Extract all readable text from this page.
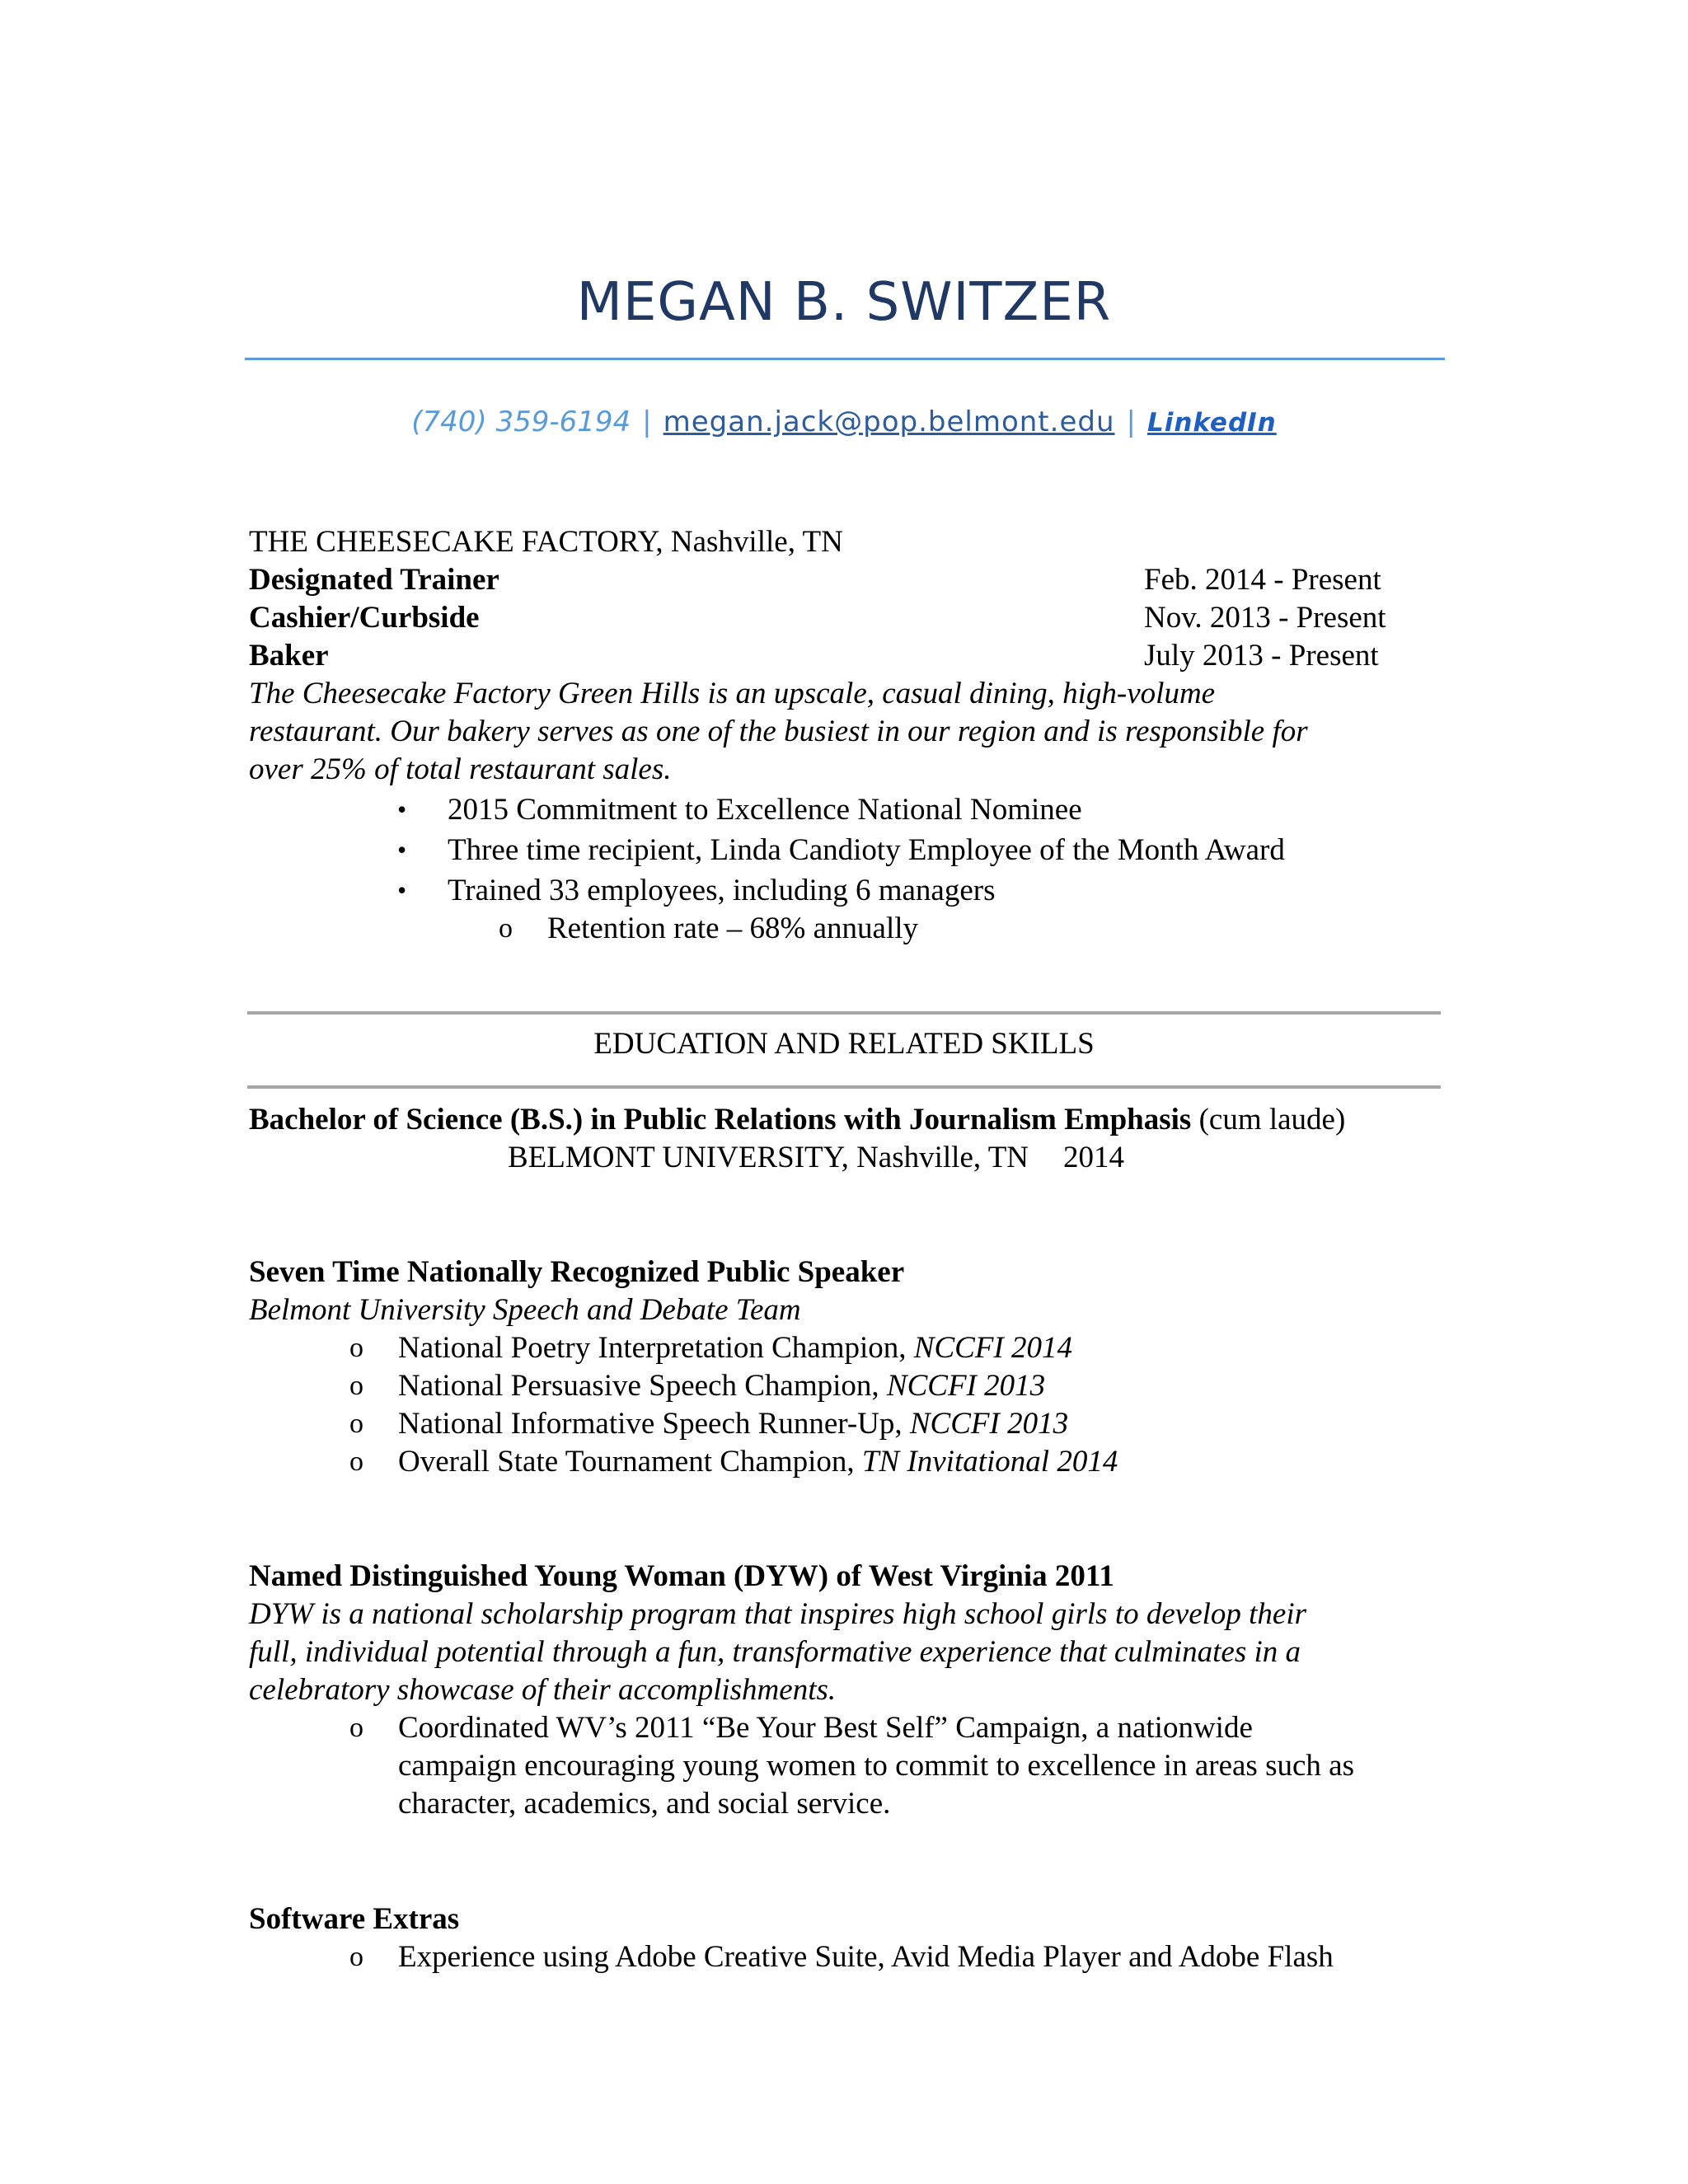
MEGAN B. SWITZER
(740) 359-6194 | megan.jack@pop.belmont.edu | LinkedIn
THE CHEESECAKE FACTORY, Nashville, TN
Designated Trainer	Feb. 2014 - Present
Cashier/Curbside	Nov. 2013 - Present
Baker	July 2013 - Present
The Cheesecake Factory Green Hills is an upscale, casual dining, high-volume
restaurant. Our bakery serves as one of the busiest in our region and is responsible for
over 25% of total restaurant sales.
• 2015 Commitment to Excellence National Nominee
• Three time recipient, Linda Candioty Employee of the Month Award
• Trained 33 employees, including 6 managers
o Retention rate – 68% annually
EDUCATION AND RELATED SKILLS
Bachelor of Science (B.S.) in Public Relations with Journalism Emphasis (cum laude)
BELMONT UNIVERSITY, Nashville, TN 2014
Seven Time Nationally Recognized Public Speaker
Belmont University Speech and Debate Team
o National Poetry Interpretation Champion, NCCFI 2014
o National Persuasive Speech Champion, NCCFI 2013
o National Informative Speech Runner-Up, NCCFI 2013
o Overall State Tournament Champion, TN Invitational 2014
Named Distinguished Young Woman (DYW) of West Virginia 2011
DYW is a national scholarship program that inspires high school girls to develop their
full, individual potential through a fun, transformative experience that culminates in a
celebratory showcase of their accomplishments.
o Coordinated WV’s 2011 “Be Your Best Self” Campaign, a nationwide
campaign encouraging young women to commit to excellence in areas such as
character, academics, and social service.
Software Extras
o Experience using Adobe Creative Suite, Avid Media Player and Adobe Flash
